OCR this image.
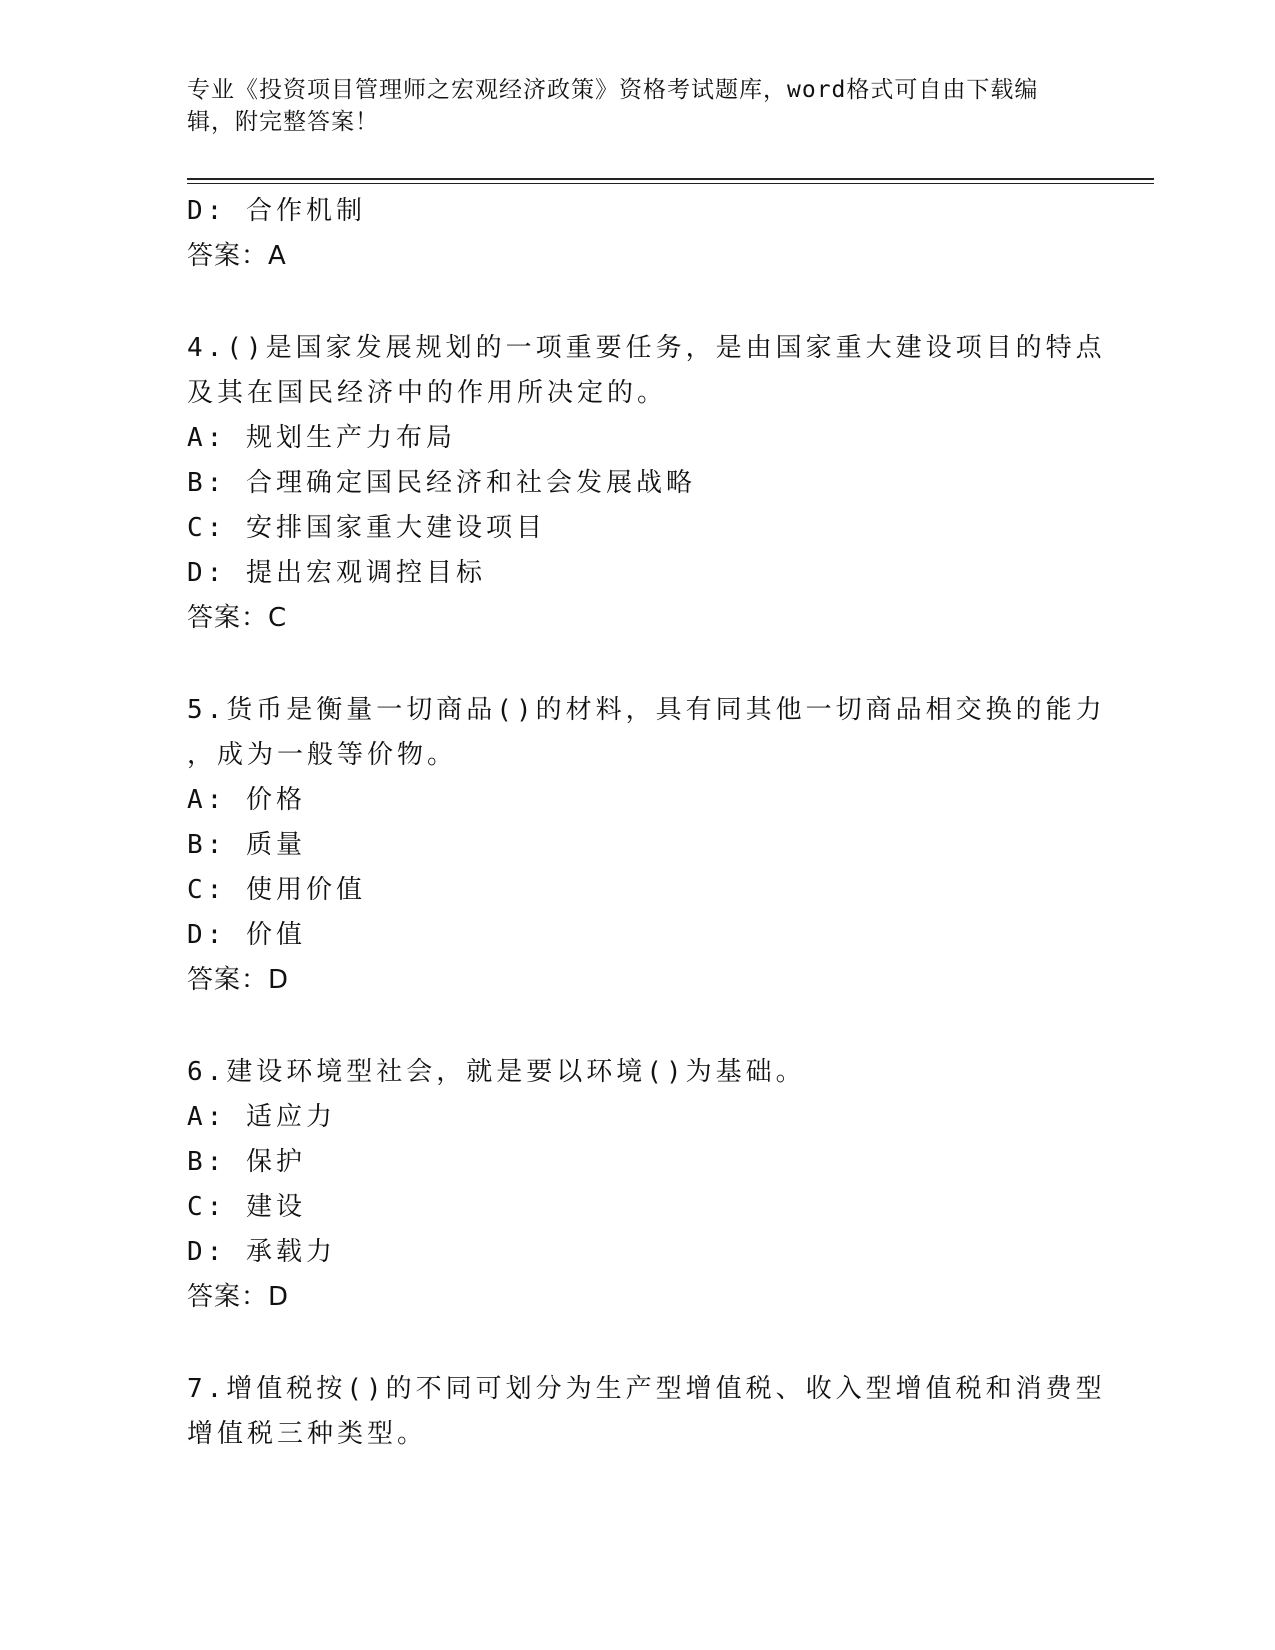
专业《投资项目管理师之宏观经济政策》资格考试题库，word格式可自由下载编
辑，附完整答案！
D: 合作机制
答案：A
4.()是国家发展规划的一项重要任务，是由国家重大建设项目的特点
及其在国民经济中的作用所决定的。
A: 规划生产力布局
B: 合理确定国民经济和社会发展战略
C: 安排国家重大建设项目
D: 提出宏观调控目标
答案：C
5.货币是衡量一切商品()的材料，具有同其他一切商品相交换的能力
，成为一般等价物。
A: 价格
B: 质量
C: 使用价值
D: 价值
答案：D
6.建设环境型社会，就是要以环境()为基础。
A: 适应力
B: 保护
C: 建设
D: 承载力
答案：D
7.增值税按()的不同可划分为生产型增值税、收入型增值税和消费型
增值税三种类型。
